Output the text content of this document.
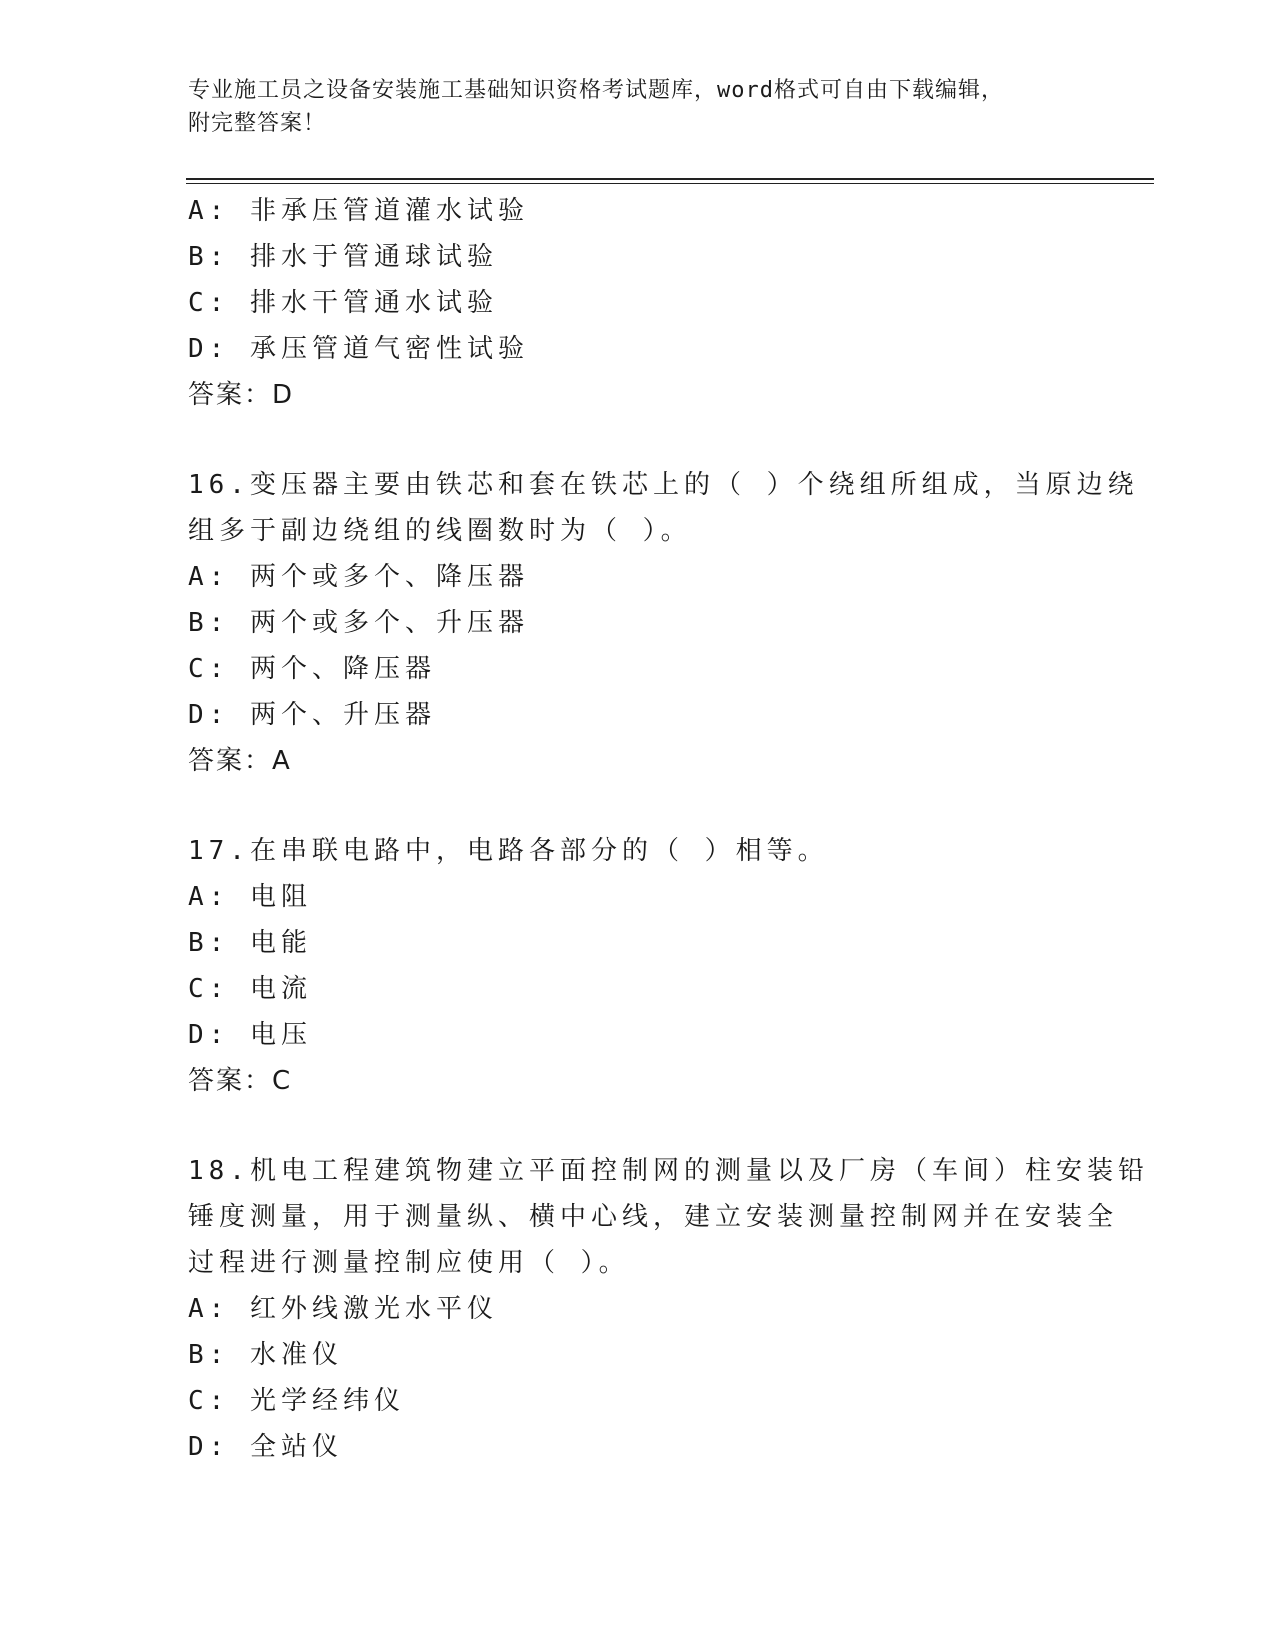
专业施工员之设备安装施工基础知识资格考试题库，word格式可自由下载编辑，
附完整答案！
A: 非承压管道灌水试验
B: 排水于管通球试验
C: 排水干管通水试验
D: 承压管道气密性试验
答案：D
16.变压器主要由铁芯和套在铁芯上的（ ）个绕组所组成，当原边绕
组多于副边绕组的线圈数时为（ ）。
A: 两个或多个、降压器
B: 两个或多个、升压器
C: 两个、降压器
D: 两个、升压器
答案：A
17.在串联电路中，电路各部分的（ ）相等。
A: 电阻
B: 电能
C: 电流
D: 电压
答案：C
18.机电工程建筑物建立平面控制网的测量以及厂房（车间）柱安装铅
锤度测量，用于测量纵、横中心线，建立安装测量控制网并在安装全
过程进行测量控制应使用（ ）。
A: 红外线激光水平仪
B: 水准仪
C: 光学经纬仪
D: 全站仪
